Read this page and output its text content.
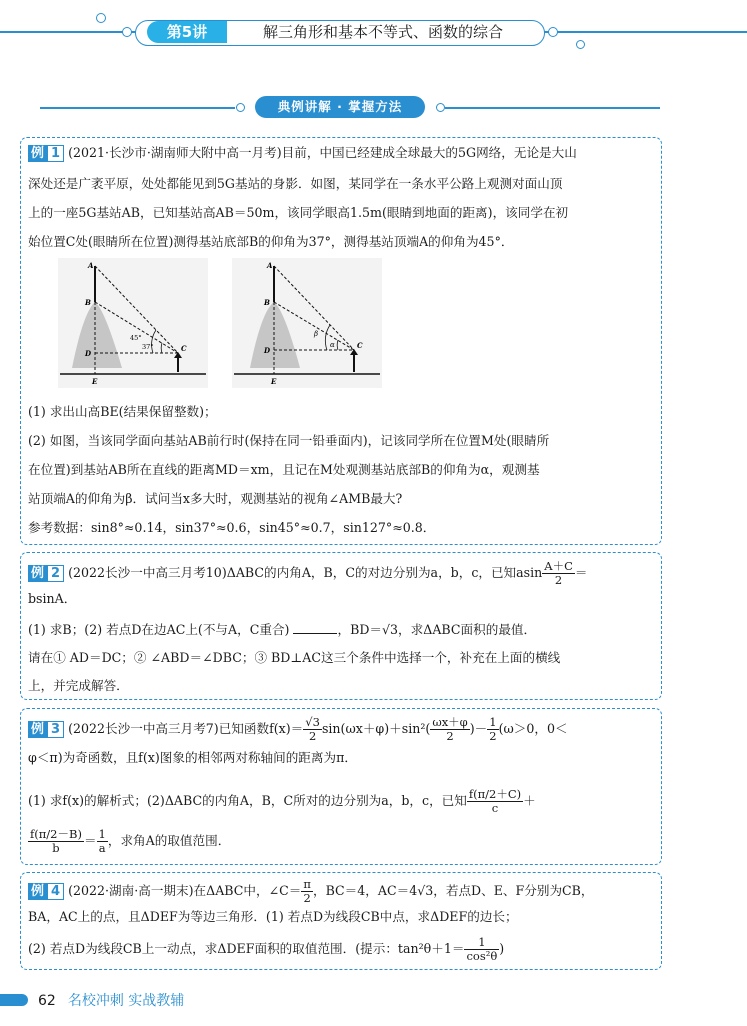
第5讲	解三角形和基本不等式、函数的综合
典例讲解 · 掌握方法
例 1 (2021·长沙市·湖南师大附中高一月考)目前，中国已经建成全球最大的5G网络，无论是大山
深处还是广袤平原，处处都能见到5G基站的身影．如图，某同学在一条水平公路上观测对面山顶
上的一座5G基站AB，已知基站高AB＝50m，该同学眼高1.5m(眼睛到地面的距离)，该同学在初
始位置C处(眼睛所在位置)测得基站底部B的仰角为37°，测得基站顶端A的仰角为45°．
A
B
D
E
C
45°
37°
A
B
D
E
C
β
α
(1) 求出山高BE(结果保留整数)；
(2) 如图，当该同学面向基站AB前行时(保持在同一铅垂面内)，记该同学所在位置M处(眼睛所
在位置)到基站AB所在直线的距离MD＝xm，且记在M处观测基站底部B的仰角为α，观测基
站顶端A的仰角为β．试问当x多大时，观测基站的视角∠AMB最大?
参考数据：sin8°≈0.14，sin37°≈0.6，sin45°≈0.7，sin127°≈0.8．
例 2 (2022长沙一中高三月考10)ΔABC的内角A，B，C的对边分别为a，b，c，已知asin $\frac{A+C}{2}$ ＝
bsinA．
(1) 求B；(2) 若点D在边AC上(不与A，C重合)	，BD＝√3，求ΔABC面积的最值．
请在① AD＝DC；② ∠ABD＝∠DBC；③ BD⊥AC这三个条件中选择一个，补充在上面的横线
上，并完成解答．
例 3 (2022长沙一中高三月考7)已知函数$f(x)= \frac{√3}{2} \sin(\omega x+\varphi)+\sin^2( \frac{\omega x+\varphi}{2}$ )－ $\frac{1}{2} (\omega>0$，0＜
φ＜π)为奇函数，且f(x)图象的相邻两对称轴间的距离为π．
(1) 求f(x)的解析式；(2)ΔABC的内角A，B，C所对的边分别为a，b，c，已知 $\frac{f(\pi/2+C)}{c}$ ＋
$\frac{f(\pi/2-B)}{b} = \frac{1}{a}$ ，求角A的取值范围．
例 4 (2022·湖南·高一期末)在ΔABC中，∠C＝ $\frac{\pi}{2}$ ，BC＝4，AC＝4√3，若点D、E、F分别为CB，
BA，AC上的点，且ΔDEF为等边三角形．(1) 若点D为线段CB中点，求ΔDEF的边长；
(2) 若点D为线段CB上一动点，求ΔDEF面积的取值范围．(提示：$\tan^2\theta+1= \frac{1}{\text{cos²θ}}$ )
62 名校冲刺 实战教辅
